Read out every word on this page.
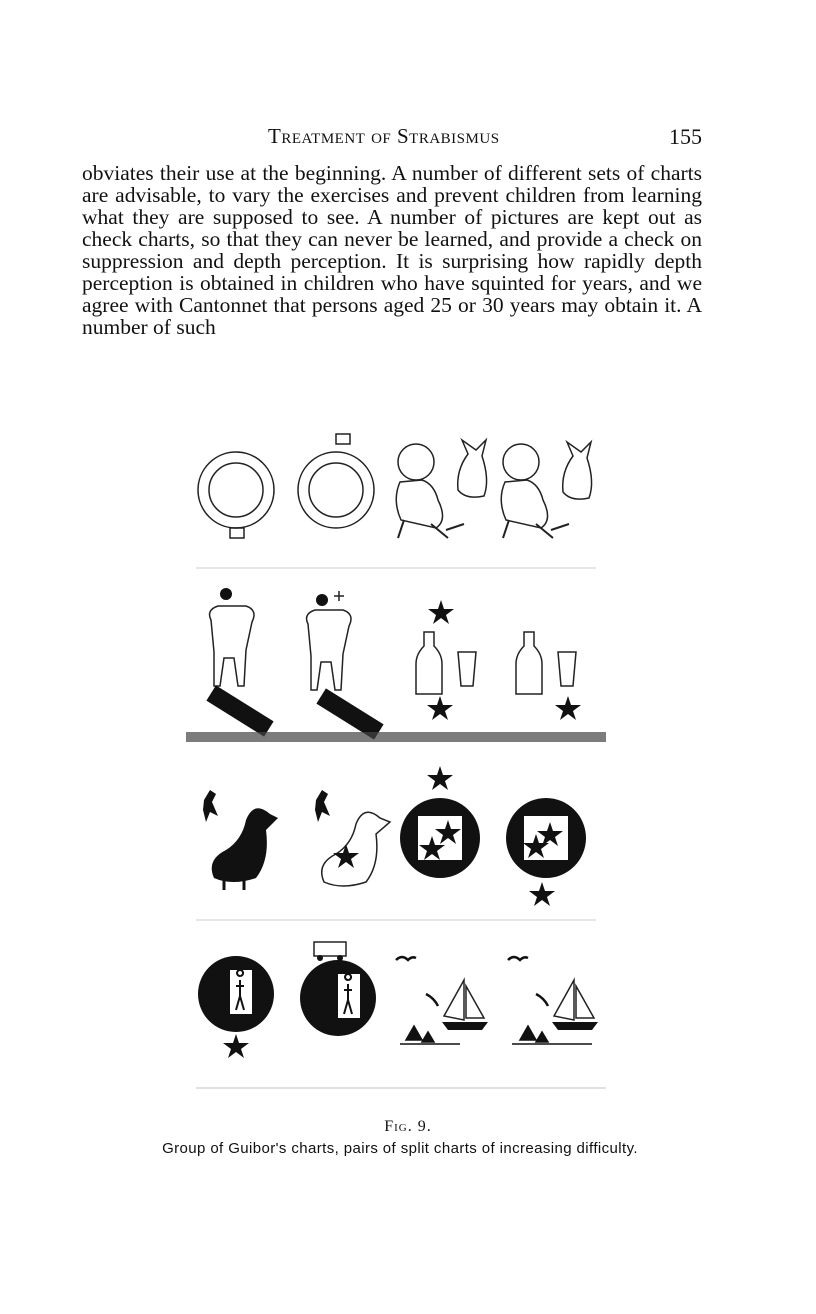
Treatment of Strabismus	155

obviates their use at the beginning. A number of different sets of charts are advisable, to vary the exercises and prevent children from learning what they are supposed to see. A number of pictures are kept out as check charts, so that they can never be learned, and provide a check on suppression and depth perception. It is surprising how rapidly depth perception is obtained in children who have squinted for years, and we agree with Cantonnet that persons aged 25 or 30 years may obtain it. A number of such

Fig. 9.
Group of Guibor's charts, pairs of split charts of increasing difficulty.
